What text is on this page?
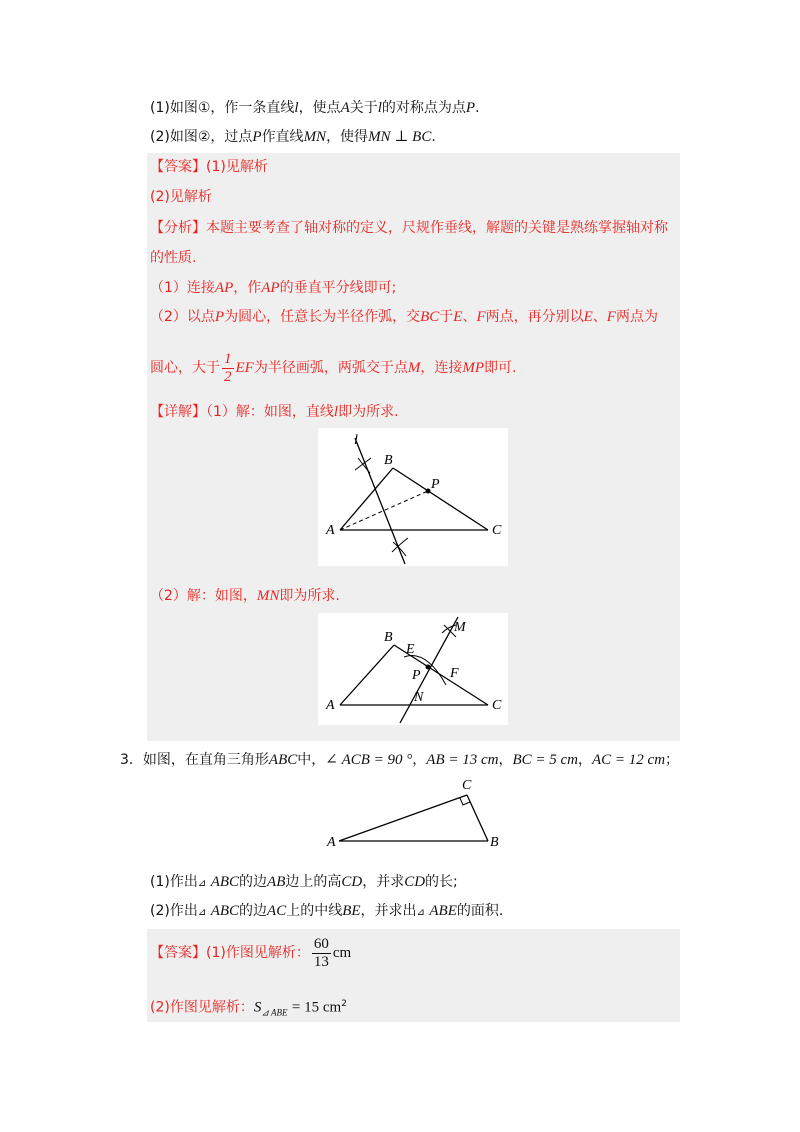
(1)如图①，作一条直线l，使点A关于l的对称点为点P.
(2)如图②，过点P作直线MN，使得MN ⊥ BC.
【答案】(1)见解析
(2)见解析
【分析】本题主要考查了轴对称的定义，尺规作垂线，解题的关键是熟练掌握轴对称
的性质.
（1）连接AP，作AP的垂直平分线即可;
（2）以点P为圆心，任意长为半径作弧，交BC于E、F两点，再分别以E、F两点为
圆心，大于 $\frac{1}{2}$ EF为半径画弧，两弧交于点M，连接MP即可.
【详解】（1）解：如图，直线l即为所求.
l
B
P
A	C
（2）解：如图，MN即为所求.
B
M
E
P F
N
A	C
3．如图，在直角三角形ABC中，∠ ACB = 90 °，AB = 13 cm，BC = 5 cm，AC = 12 cm；
C
A	B
(1)作出⊿ ABC的边AB边上的高CD，并求CD的长;
(2)作出⊿ ABC的边AC上的中线BE，并求出⊿ ABE的面积.
【答案】(1)作图见解析： $\frac{60}{13}$ cm
(2)作图见解析：$S_{⊿ ABE} = 15$ $cm^2$
